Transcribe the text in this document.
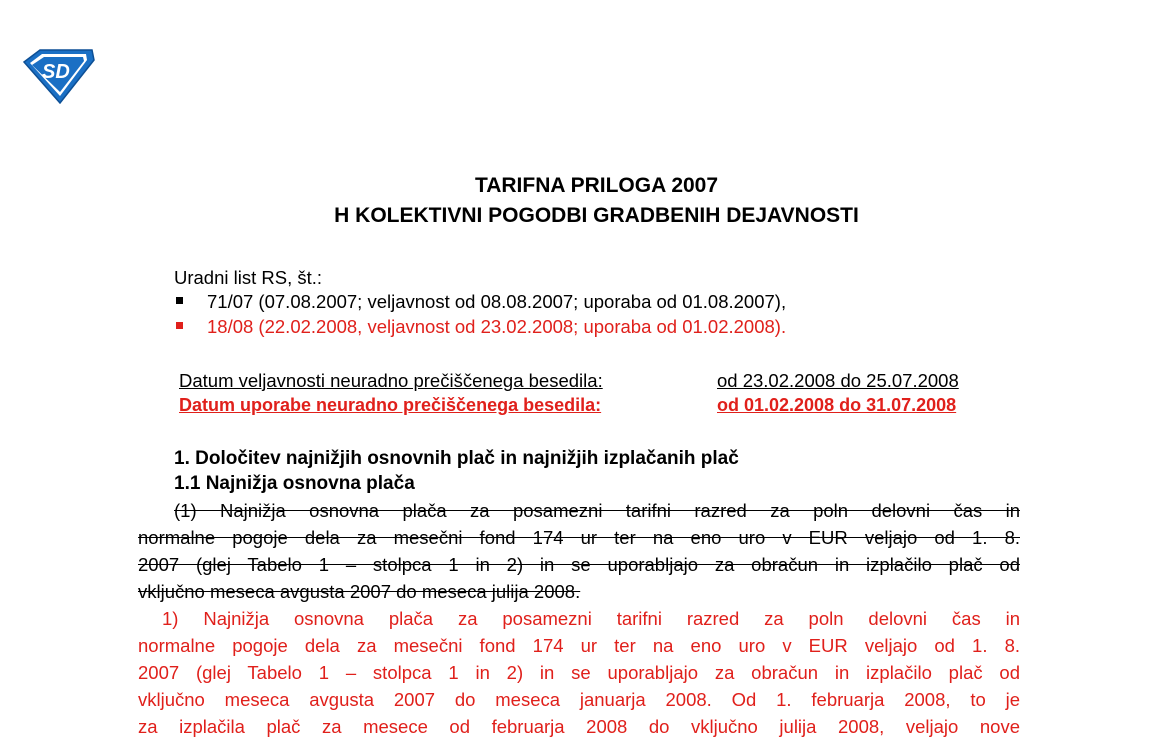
SD
TARIFNA PRILOGA 2007
H KOLEKTIVNI POGODBI GRADBENIH DEJAVNOSTI
Uradni list RS, št.:
71/07 (07.08.2007; veljavnost od 08.08.2007; uporaba od 01.08.2007),
18/08 (22.02.2008, veljavnost od 23.02.2008; uporaba od 01.02.2008).
Datum veljavnosti neuradno prečiščenega besedila:	od 23.02.2008 do 25.07.2008
Datum uporabe neuradno prečiščenega besedila:	od 01.02.2008 do 31.07.2008
1. Določitev najnižjih osnovnih plač in najnižjih izplačanih plač
1.1 Najnižja osnovna plača
(1) Najnižja osnovna plača za posamezni tarifni razred za poln delovni čas in
normalne pogoje dela za mesečni fond 174 ur ter na eno uro v EUR veljajo od 1. 8.
2007 (glej Tabelo 1 – stolpca 1 in 2) in se uporabljajo za obračun in izplačilo plač od
vključno meseca avgusta 2007 do meseca julija 2008.
1) Najnižja osnovna plača za posamezni tarifni razred za poln delovni čas in
normalne pogoje dela za mesečni fond 174 ur ter na eno uro v EUR veljajo od 1. 8.
2007 (glej Tabelo 1 – stolpca 1 in 2) in se uporabljajo za obračun in izplačilo plač od
vključno meseca avgusta 2007 do meseca januarja 2008. Od 1. februarja 2008, to je
za izplačila plač za mesece od februarja 2008 do vključno julija 2008, veljajo nove
